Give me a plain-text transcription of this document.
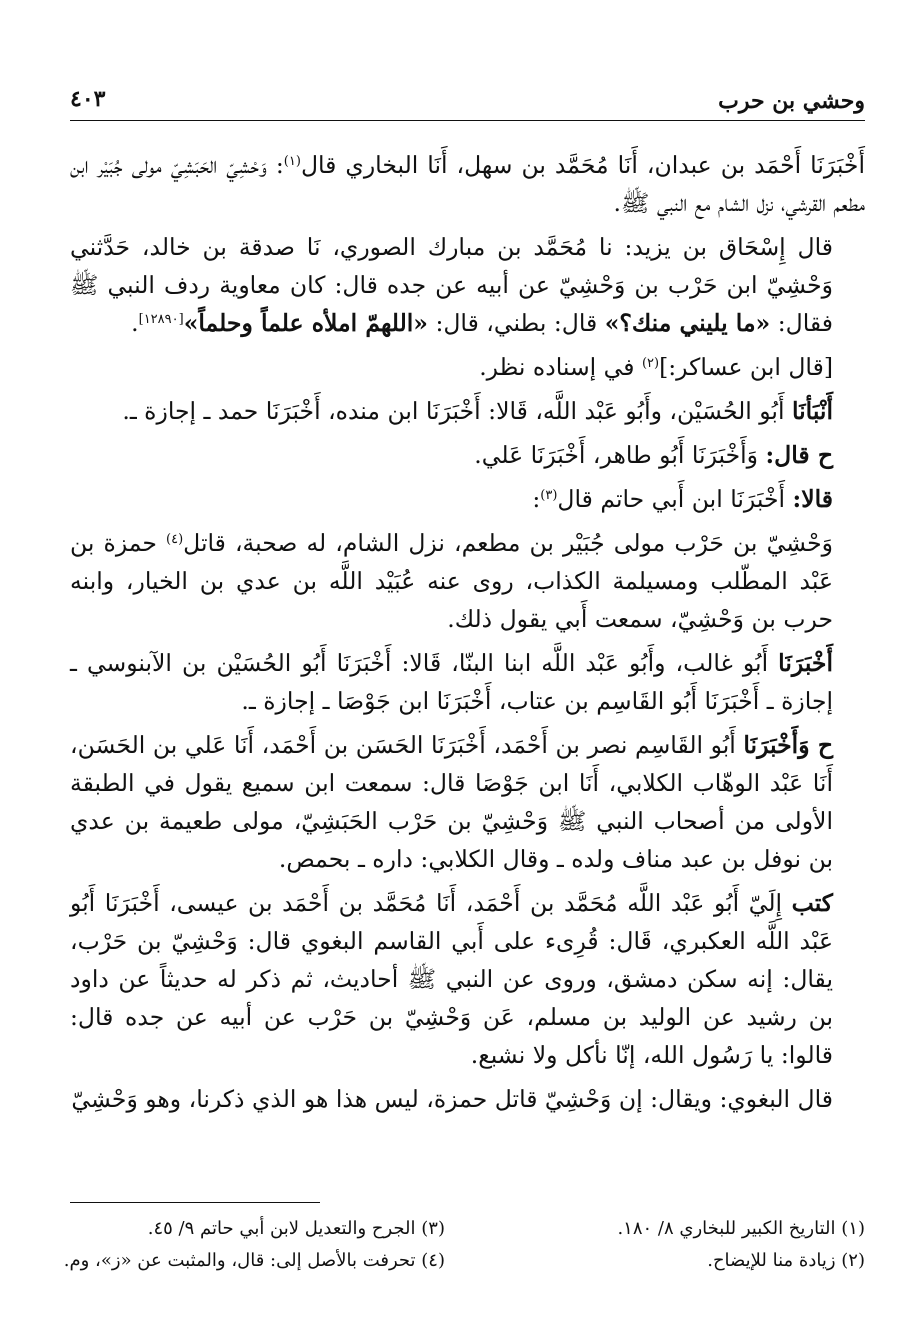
وحشي بن حرب
٤٠٣

أَخْبَرَنَا أَحْمَد بن عبدان، أَنَا مُحَمَّد بن سهل، أَنَا البخاري قال$^{(١)}$: وَحْشِيّ الحَبَشِيّ مولى جُبَيْر ابن مطعم القرشي، نزل الشام مع النبي ﷺ.

قال إِسْحَاق بن يزيد: نا مُحَمَّد بن مبارك الصوري، نَا صدقة بن خالد، حَدَّثني وَحْشِيّ ابن حَرْب بن وَحْشِيّ عن أبيه عن جده قال: كان معاوية ردف النبي ﷺ فقال: «ما يليني منك؟» قال: بطني، قال: «اللهمّ املأه علماً وحلماً»[١٢٨٩٠].

[قال ابن عساكر:]$^{(٢)}$ في إسناده نظر.

أَنْبَأنَا أَبُو الحُسَيْن، وأَبُو عَبْد اللَّه، قَالا: أَخْبَرَنَا ابن منده، أَخْبَرَنَا حمد ـ إجازة ـ.

ح قال: وَأَخْبَرَنَا أَبُو طاهر، أَخْبَرَنَا عَلي.

قالا: أَخْبَرَنَا ابن أَبي حاتم قال$^{(٣)}$:

وَحْشِيّ بن حَرْب مولى جُبَيْر بن مطعم، نزل الشام، له صحبة، قاتل$^{(٤)}$ حمزة بن عَبْد المطّلب ومسيلمة الكذاب، روى عنه عُبَيْد اللَّه بن عدي بن الخيار، وابنه حرب بن وَحْشِيّ، سمعت أَبي يقول ذلك.

أَخْبَرَنَا أَبُو غالب، وأَبُو عَبْد اللَّه ابنا البنّا، قَالا: أَخْبَرَنَا أَبُو الحُسَيْن بن الآبنوسي ـ إجازة ـ أَخْبَرَنَا أَبُو القَاسِم بن عتاب، أَخْبَرَنَا ابن جَوْصَا ـ إجازة ـ.

ح وَأَخْبَرَنَا أَبُو القَاسِم نصر بن أَحْمَد، أَخْبَرَنَا الحَسَن بن أَحْمَد، أَنَا عَلي بن الحَسَن، أَنَا عَبْد الوهّاب الكلابي، أَنَا ابن جَوْصَا قال: سمعت ابن سميع يقول في الطبقة الأولى من أصحاب النبي ﷺ وَحْشِيّ بن حَرْب الحَبَشِيّ، مولى طعيمة بن عدي بن نوفل بن عبد مناف ولده ـ وقال الكلابي: داره ـ بحمص.

كتب إِلَيّ أَبُو عَبْد اللَّه مُحَمَّد بن أَحْمَد، أَنَا مُحَمَّد بن أَحْمَد بن عيسى، أَخْبَرَنَا أَبُو عَبْد اللَّه العكبري، قَال: قُرِىء على أَبي القاسم البغوي قال: وَحْشِيّ بن حَرْب، يقال: إنه سكن دمشق، وروى عن النبي ﷺ أحاديث، ثم ذكر له حديثاً عن داود بن رشيد عن الوليد بن مسلم، عَن وَحْشِيّ بن حَرْب عن أبيه عن جده قال: قالوا: يا رَسُول الله، إنّا نأكل ولا نشبع.

قال البغوي: ويقال: إن وَحْشِيّ قاتل حمزة، ليس هذا هو الذي ذكرنا، وهو وَحْشِيّ

(١) التاريخ الكبير للبخاري ٨/ ١٨٠.
(٢) زيادة منا للإيضاح.
(٣) الجرح والتعديل لابن أبي حاتم ٩/ ٤٥.
(٤) تحرفت بالأصل إلى: قال، والمثبت عن «ز»، وم.
